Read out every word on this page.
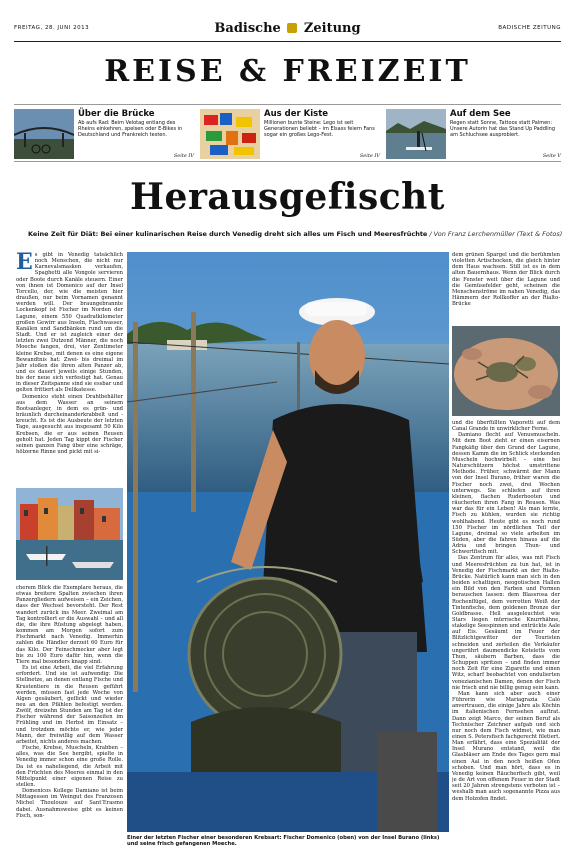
FREITAG, 28. JUNI 2013	Badische Zeitung	BADISCHE ZEITUNG
REISE & FREIZEIT
Über die Brücke

Ab aufs Rad: Beim Velotag entlang des Rheins einkehren, speisen oder E-Bikes in Deutschland und Frankreich testen.

Seite IV
Aus der Kiste

Millionen bunte Steine: Lego ist seit Generationen beliebt – im Elsass feiern Fans sogar ein großes Lego-Fest.

Seite IV
Auf dem See

Regen statt Sonne, Tattoos statt Palmen: Unsere Autorin hat das Stand Up Paddling am Schluchsee ausprobiert.

Seite V
Herausgefischt
Keine Zeit für Diät: Bei einer kulinarischen Reise durch Venedig dreht sich alles um Fisch und Meeresfrüchte / Von Franz Lerchenmüller (Text & Fotos)
E s gibt in Venedig tatsächlich noch Menschen, die nicht nur Karnevalsmasken verkaufen, Spaghetti alle Vongole servieren oder Boote durch Kanäle steuern. Einer von ihnen ist Domenico auf der Insel Torcello, der, wie die meisten hier draußen, nur beim Vornamen genannt werden will. Der braungebrannte Lockenkopf ist Fischer im Norden der Lagune, einem 550 Quadratkilometer großen Gewirr aus Inseln, Flachwasser, Kanälen und Sandbänken rund um die Stadt. Und er ist zugleich einer der letzten zwei Dutzend Männer, die noch Moeche fangen, drei, vier Zentimeter kleine Krebse, mit denen es eine eigene Bewandtnis hat: Zwei- bis dreimal im Jahr stoßen die ihren alten Panzer ab, und es dauert jeweils einige Stunden, bis der neue sich verfestigt hat. Genau in dieser Zeitspanne sind sie essbar und gelten frittiert als Delikatesse.

Domenico steht einen Drahtbehälter aus dem Wasser an seinem Bootsanleger, in dem es grün- und bräunlich durcheinanderkrabbelt und -kreucht. Es ist die Ausbeute der letzten Tage, ausgesucht aus insgesamt 50 Kilo Krebsen, die er aus seinen Reusen geholt hat. Jeden Tag kippt der Fischer seinen ganzen Fang über eine schräge, hölzerne Rinne und pickt mit si-

cherem Blick die Exemplare heraus, die etwas breitere Spalten zwischen ihren Panzergliedern aufweisen – ein Zeichen, dass der Wechsel bevorsteht. Der Rest wandert zurück ins Meer. Zweimal am Tag kontrolliert er die Auswahl – und all die, die ihre Rüstung abgelegt haben, kommen am Morgen sofort zum Fischmarkt nach Venedig. Immerhin zahlen die Händler derzeit 60 Euro für das Kilo. Der Feinschmecker aber legt bis zu 100 Euro dafür hin, wenn die Tiere mal besonders knapp sind.

Es ist eine Arbeit, die viel Erfahrung erfordert. Und sie ist aufwendig: Die Stellnetze, an denen entlang Fische und Krustentiere in die Reusen geführt werden, müssen fast jede Woche von Algen gesäubert, geflickt und wieder neu an den Pfählen befestigt werden. Zwölf, dreizehn Stunden am Tag ist der Fischer während der Saisonzeiten im Frühling und im Herbst im Einsatz – und trotzdem möchte er, wie jeder Mann, der freiwillig auf dem Wasser arbeitet, nichts anderes machen.

Fische, Krebse, Muscheln, Krabben – alles, was die See hergibt, spielte in Venedig immer schon eine große Rolle. Da ist es naheliegend, die Arbeit mit den Früchten des Meeres einmal in den Mittelpunkt einer eigenen Reise zu stellen.

Domenicos Kollege Damiano ist beim Mittagessen im Weingut des Franzosen Michel Thoulouze auf Sant’Erasmo dabei. Ausnahmsweise gibt es keinen Fisch, son-

dem grünen Spargel und die berühmten violetten Artischocken, die gleich hinter dem Haus wachsen. Still ist es in dem alten Bauernhaus. Wenn der Blick durch die Fenster weit über die Lagune und die Gemüsefelder geht, scheinen die Menschenströme im nahen Venedig, das Hämmern der Rollkoffer an der Rialto-Brücke

und die überfüllten Vaporetti auf dem Canal Grande in unwirklicher Ferne.

Damiano flecht auf Venusmuscheln. Mit dem Boot zieht er einen eisernen Fangkäfig über den Grund der Lagune, dessen Kamm die im Schlick steckenden Muscheln hochwirbelt – eine bei Naturschützern höchst umstrittene Methode. Früher, schwärmt der Mann von der Insel Burano, früher waren die Fischer noch zwei, drei Wochen unterwegs. Sie schliefen auf ihren kleinen, flachen Ruderbooten und räucherten ihren Fang in Reusen. Was war das für ein Leben! Als man lernte, Fisch zu kühlen, wurden sie richtig wohlhabend. Heute gibt es noch rund 150 Fischer im nördlichen Teil der Lagune, dreimal so viele arbeiten im Süden, aber die fahren hinaus auf die Adria und bringen Thun- und Schwertfisch mit.

Das Zentrum für alles, was mit Fisch und Meeresfrüchten zu tun hat, ist in Venedig der Fischmarkt an der Rialto-Brücke. Natürlich kann man sich in den beiden schattigen, neogotischen Hallen ein Bild von den Farben und Formen berauschen lassen: dem Blassrosa der Rochenflügel, dem verrotten Weiß der Tintenfische, dem goldenen Bronze der Goldbrasse. Hell ausgeleuchtet wie Stars liegen mürrische Knurrhähne, stakelige Seespinnen und entrückte Aale auf Eis. Gesäumt im Feuer der Blitzlichtgewitter der Touristen schneiden und zerteilen die Verkäufer ungerührt daumendicke Koteletts vom Thun, säubern Barben, dass die Schuppen spritzen – und finden immer noch Zeit für eine Zigarette und einen Witz, scharf beobachtet von ondulierten venezianischen Damen, denen der Fisch nie frisch und nie billig genug sein kann.

Man kann sich aber auch einer Führerin wie Mariagrazia Caló anvertrauen, die einige Jahre als Köchin im italienischen Fernsehen auftrat. Dann zeigt Marco, der seinen Beruf als Technischer Zeichner aufgab und sich nur noch dem Fisch widmet, wie man einen S. Petersfisch fachgerecht filetiert. Man erfährt, dass eine Spezialität der Insel Murano entstand, weil die Glasbläser am Ende des Tages gern mal einen Aal in den noch heißen Ofen schoben. Und man hört, dass es in Venedig keinen Räucherfisch gibt, weil je de Art von offenem Feuer in der Stadt seit 20 Jahren strengstens verboten ist – weshalb man auch sogenannte Pizza aus dem Holzofen findet.

Einer der letzten Fischer einer besonderen Krebsart: Fischer Domenico (oben) von der Insel Burano (links) und seine frisch gefangenen Moeche.
